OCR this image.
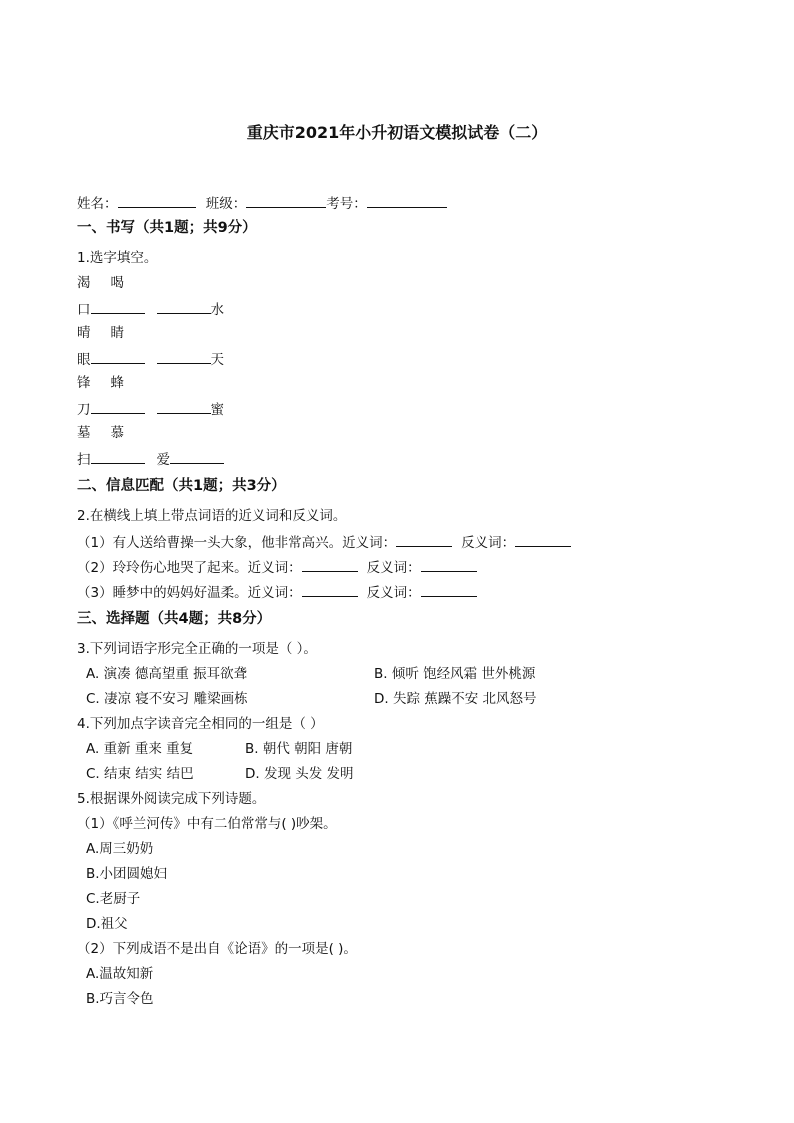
重庆市2021年小升初语文模拟试卷（二）
姓名：	班级：	考号：
一、书写（共1题；共9分）
1.选字填空。
渴 喝
口	水
晴 睛
眼	天
锋 蜂
刀	蜜
墓 慕
扫	爱
二、信息匹配（共1题；共3分）
2.在横线上填上带点词语的近义词和反义词。
（1）有人送给曹操一头大象，他非常高兴。近义词：	反义词：
（2）玲玲伤心地哭了起来。近义词：	反义词：
（3）睡梦中的妈妈好温柔。近义词：	反义词：
三、选择题（共4题；共8分）
3.下列词语字形完全正确的一项是（ ）。
A. 演凑 德高望重 振耳欲聋	B. 倾听 饱经风霜 世外桃源
C. 凄凉 寝不安习 雕梁画栋	D. 失踪 蕉躁不安 北风怒号
4.下列加点字读音完全相同的一组是（ ）
A. 重新 重来 重复	B. 朝代 朝阳 唐朝
C. 结束 结实 结巴	D. 发现 头发 发明
5.根据课外阅读完成下列诗题。
（1）《呼兰河传》中有二伯常常与( )吵架。
A.周三奶奶
B.小团圆媳妇
C.老厨子
D.祖父
（2）下列成语不是出自《论语》的一项是( )。
A.温故知新
B.巧言令色
